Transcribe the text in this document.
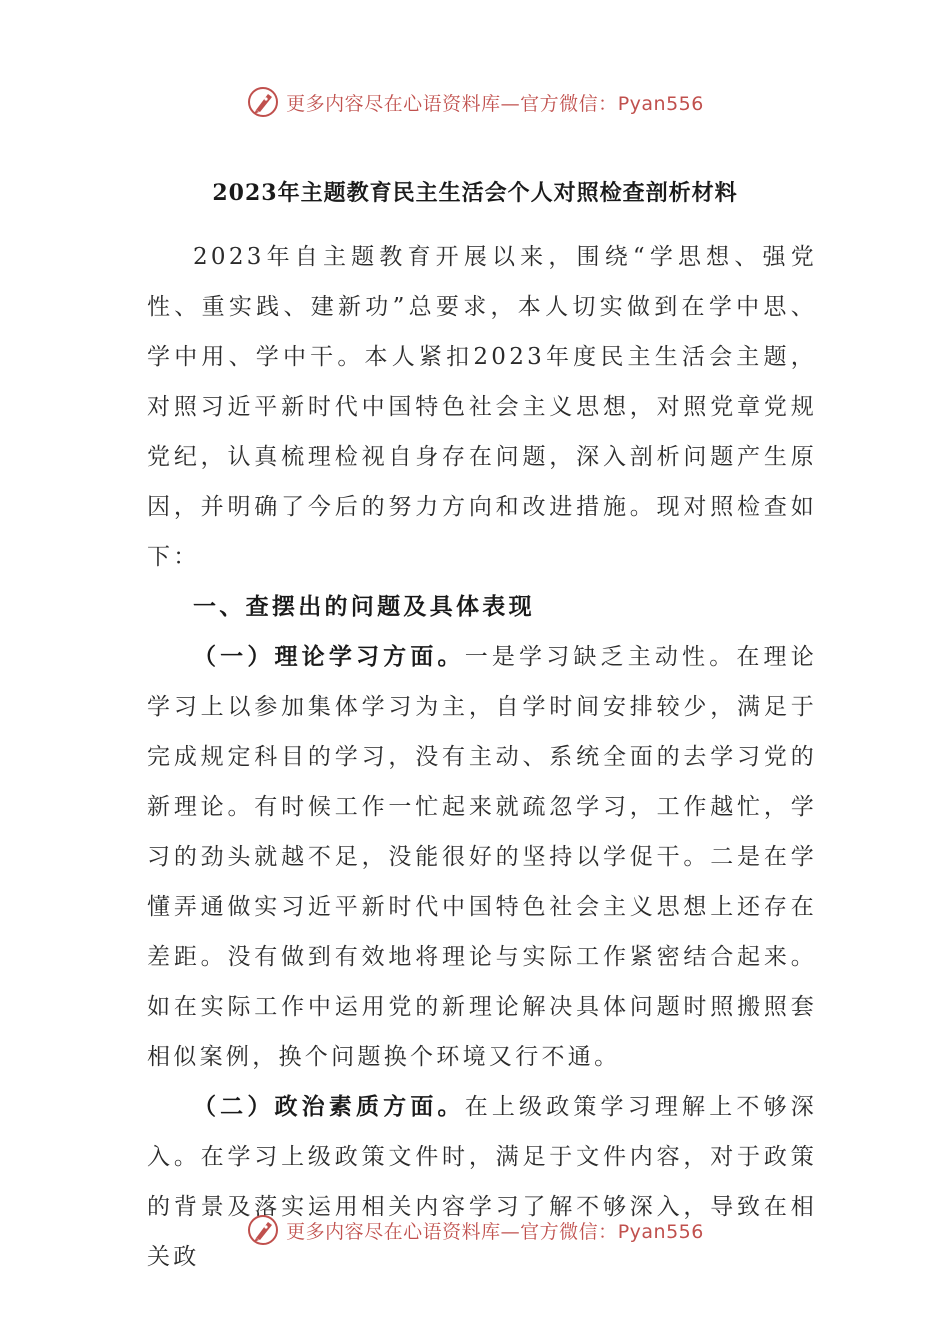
更多内容尽在心语资料库—官方微信：Pyan556
2023年主题教育民主生活会个人对照检查剖析材料

2023年自主题教育开展以来，围绕“学思想、强党性、重实践、建新功”总要求，本人切实做到在学中思、学中用、学中干。本人紧扣2023年度民主生活会主题，对照习近平新时代中国特色社会主义思想，对照党章党规党纪，认真梳理检视自身存在问题，深入剖析问题产生原因，并明确了今后的努力方向和改进措施。现对照检查如下：

一、查摆出的问题及具体表现

（一）理论学习方面。一是学习缺乏主动性。在理论学习上以参加集体学习为主，自学时间安排较少，满足于完成规定科目的学习，没有主动、系统全面的去学习党的新理论。有时候工作一忙起来就疏忽学习，工作越忙，学习的劲头就越不足，没能很好的坚持以学促干。二是在学懂弄通做实习近平新时代中国特色社会主义思想上还存在差距。没有做到有效地将理论与实际工作紧密结合起来。如在实际工作中运用党的新理论解决具体问题时照搬照套相似案例，换个问题换个环境又行不通。

（二）政治素质方面。在上级政策学习理解上不够深入。在学习上级政策文件时，满足于文件内容，对于政策的背景及落实运用相关内容学习了解不够深入，导致在相关政

更多内容尽在心语资料库—官方微信：Pyan556
